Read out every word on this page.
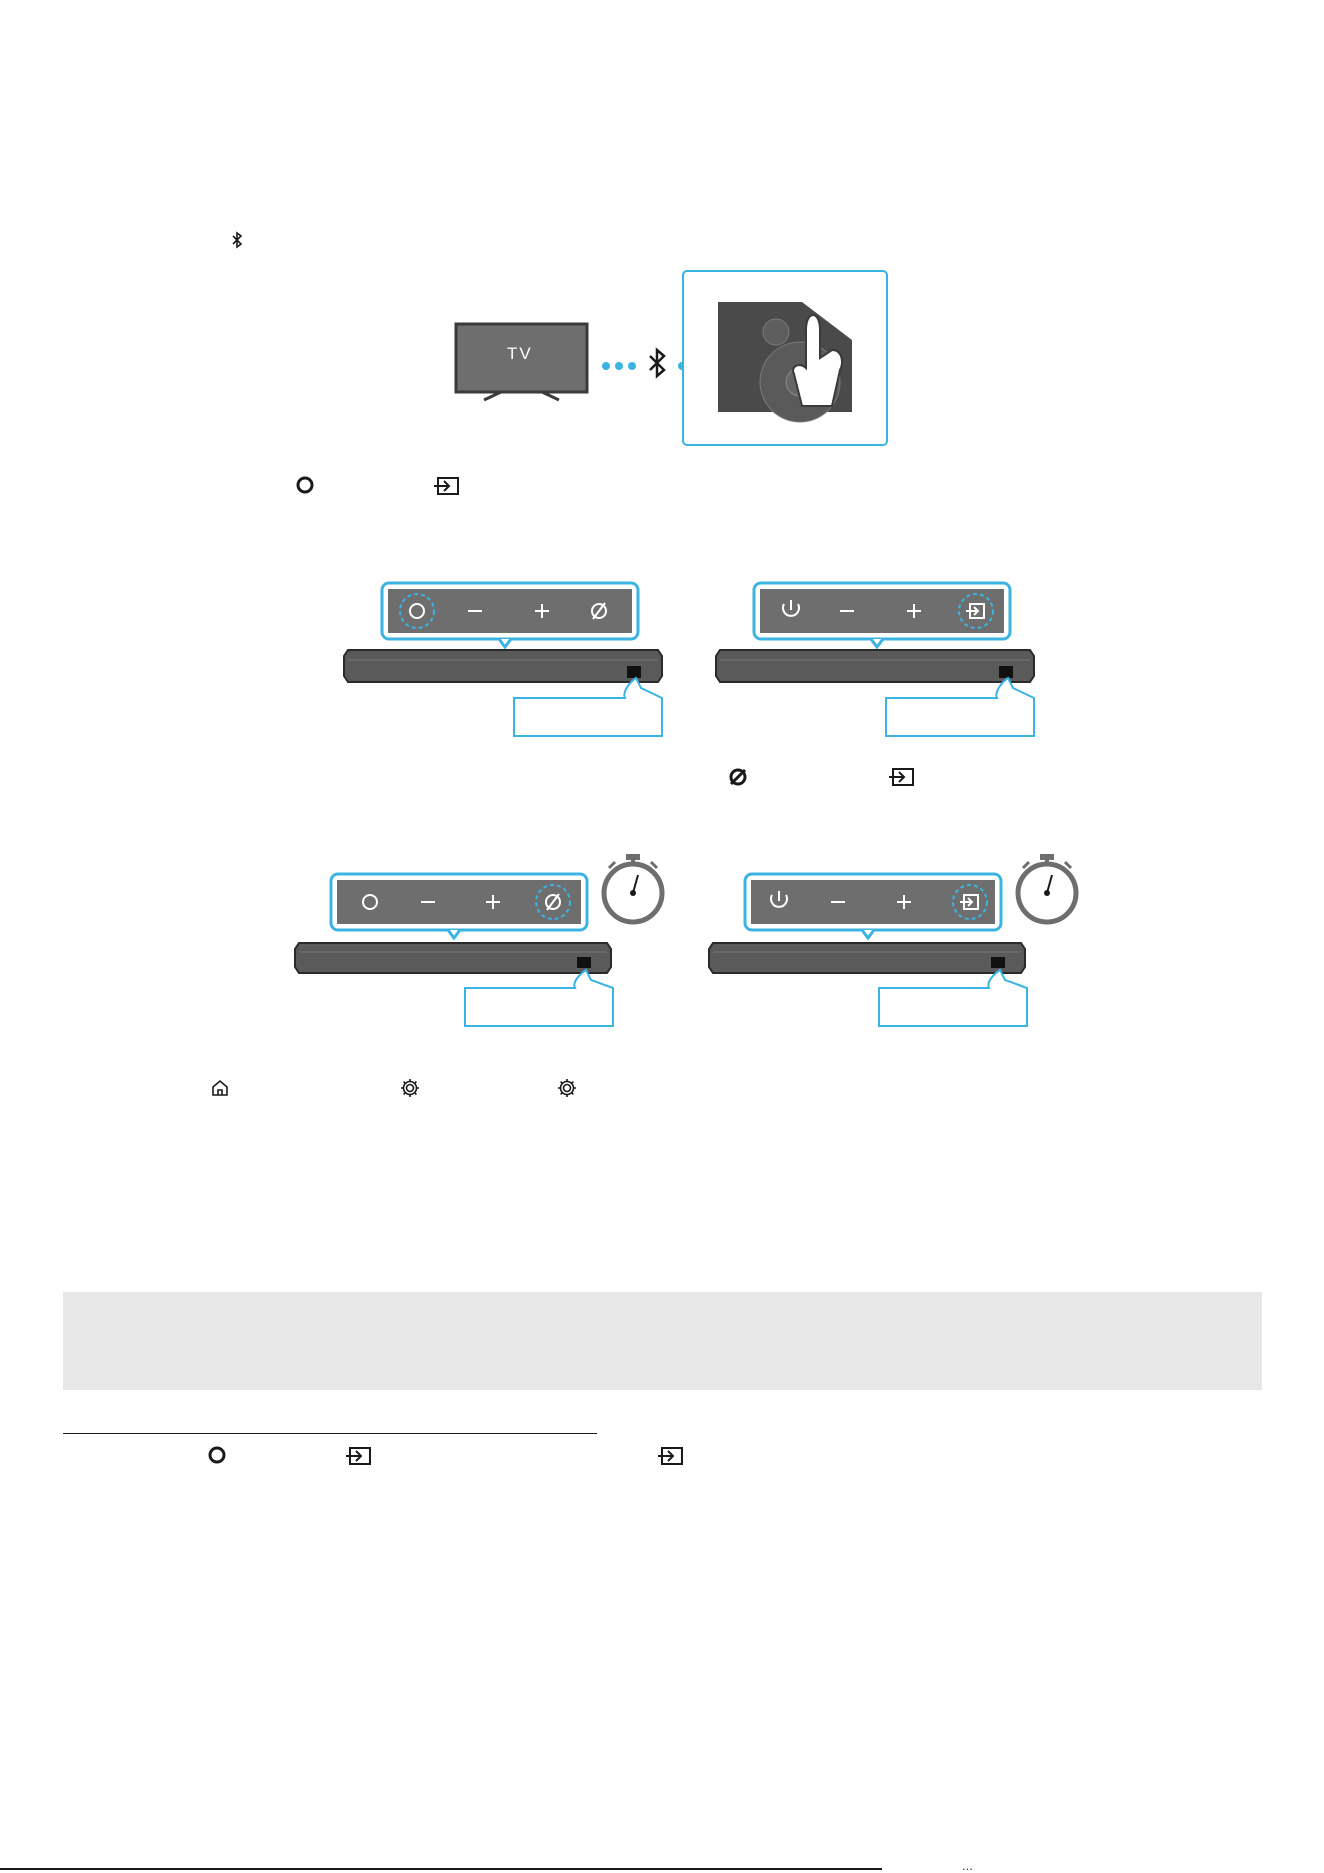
TV
...
